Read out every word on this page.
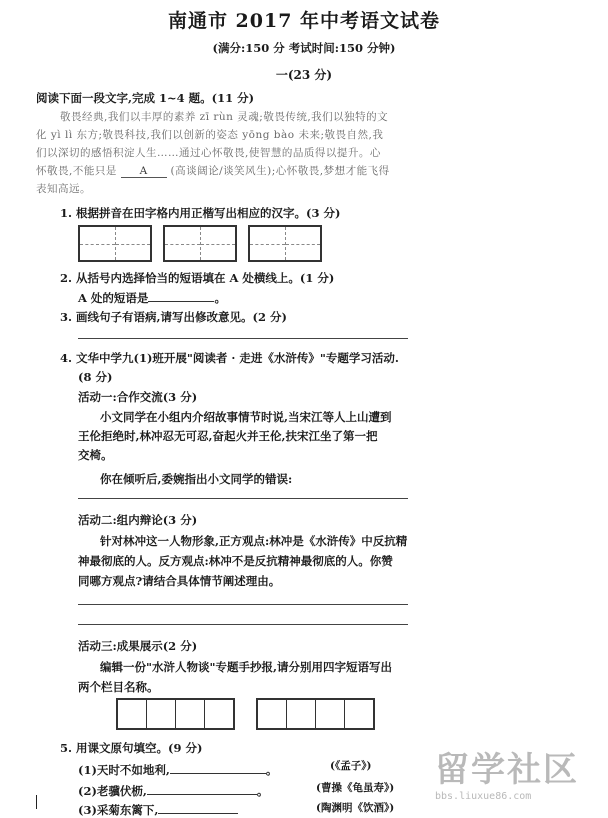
南通市 2017 年中考语文试卷
(满分:150 分 考试时间:150 分钟)
一(23 分)
阅读下面一段文字,完成 1~4 题。(11 分)
敬畏经典,我们以丰厚的素养 zī rùn 灵魂;敬畏传统,我们以独特的文
化 yì lì 东方;敬畏科技,我们以创新的姿态 yōng bào 未来;敬畏自然,我
们以深切的感悟积淀人生……通过心怀敬畏,使智慧的品质得以提升。心
怀敬畏,不能只是 A (高谈阔论/谈笑风生);心怀敬畏,梦想才能飞得
表知高远。
1. 根据拼音在田字格内用正楷写出相应的汉字。(3 分)
2. 从括号内选择恰当的短语填在 A 处横线上。(1 分)
A 处的短语是	。
3. 画线句子有语病,请写出修改意见。(2 分)
4. 文华中学九(1)班开展"阅读者 · 走进《水浒传》"专题学习活动.
(8 分)
活动一:合作交流(3 分)
小文同学在小组内介绍故事情节时说,当宋江等人上山遭到
王伦拒绝时,林冲忍无可忍,奋起火并王伦,扶宋江坐了第一把
交椅。
你在倾听后,委婉指出小文同学的错误:
活动二:组内辩论(3 分)
针对林冲这一人物形象,正方观点:林冲是《水浒传》中反抗精
神最彻底的人。反方观点:林冲不是反抗精神最彻底的人。你赞
同哪方观点?请结合具体情节阐述理由。
活动三:成果展示(2 分)
编辑一份"水浒人物谈"专题手抄报,请分别用四字短语写出
两个栏目名称。
5. 用课文原句填空。(9 分)
(1)天时不如地利,	。	(《孟子》)
(2)老骥伏枥,	。	(曹操《龟虽寿》)
(3)采菊东篱下,	(陶渊明《饮酒》)
留学社区
bbs.liuxue86.com
